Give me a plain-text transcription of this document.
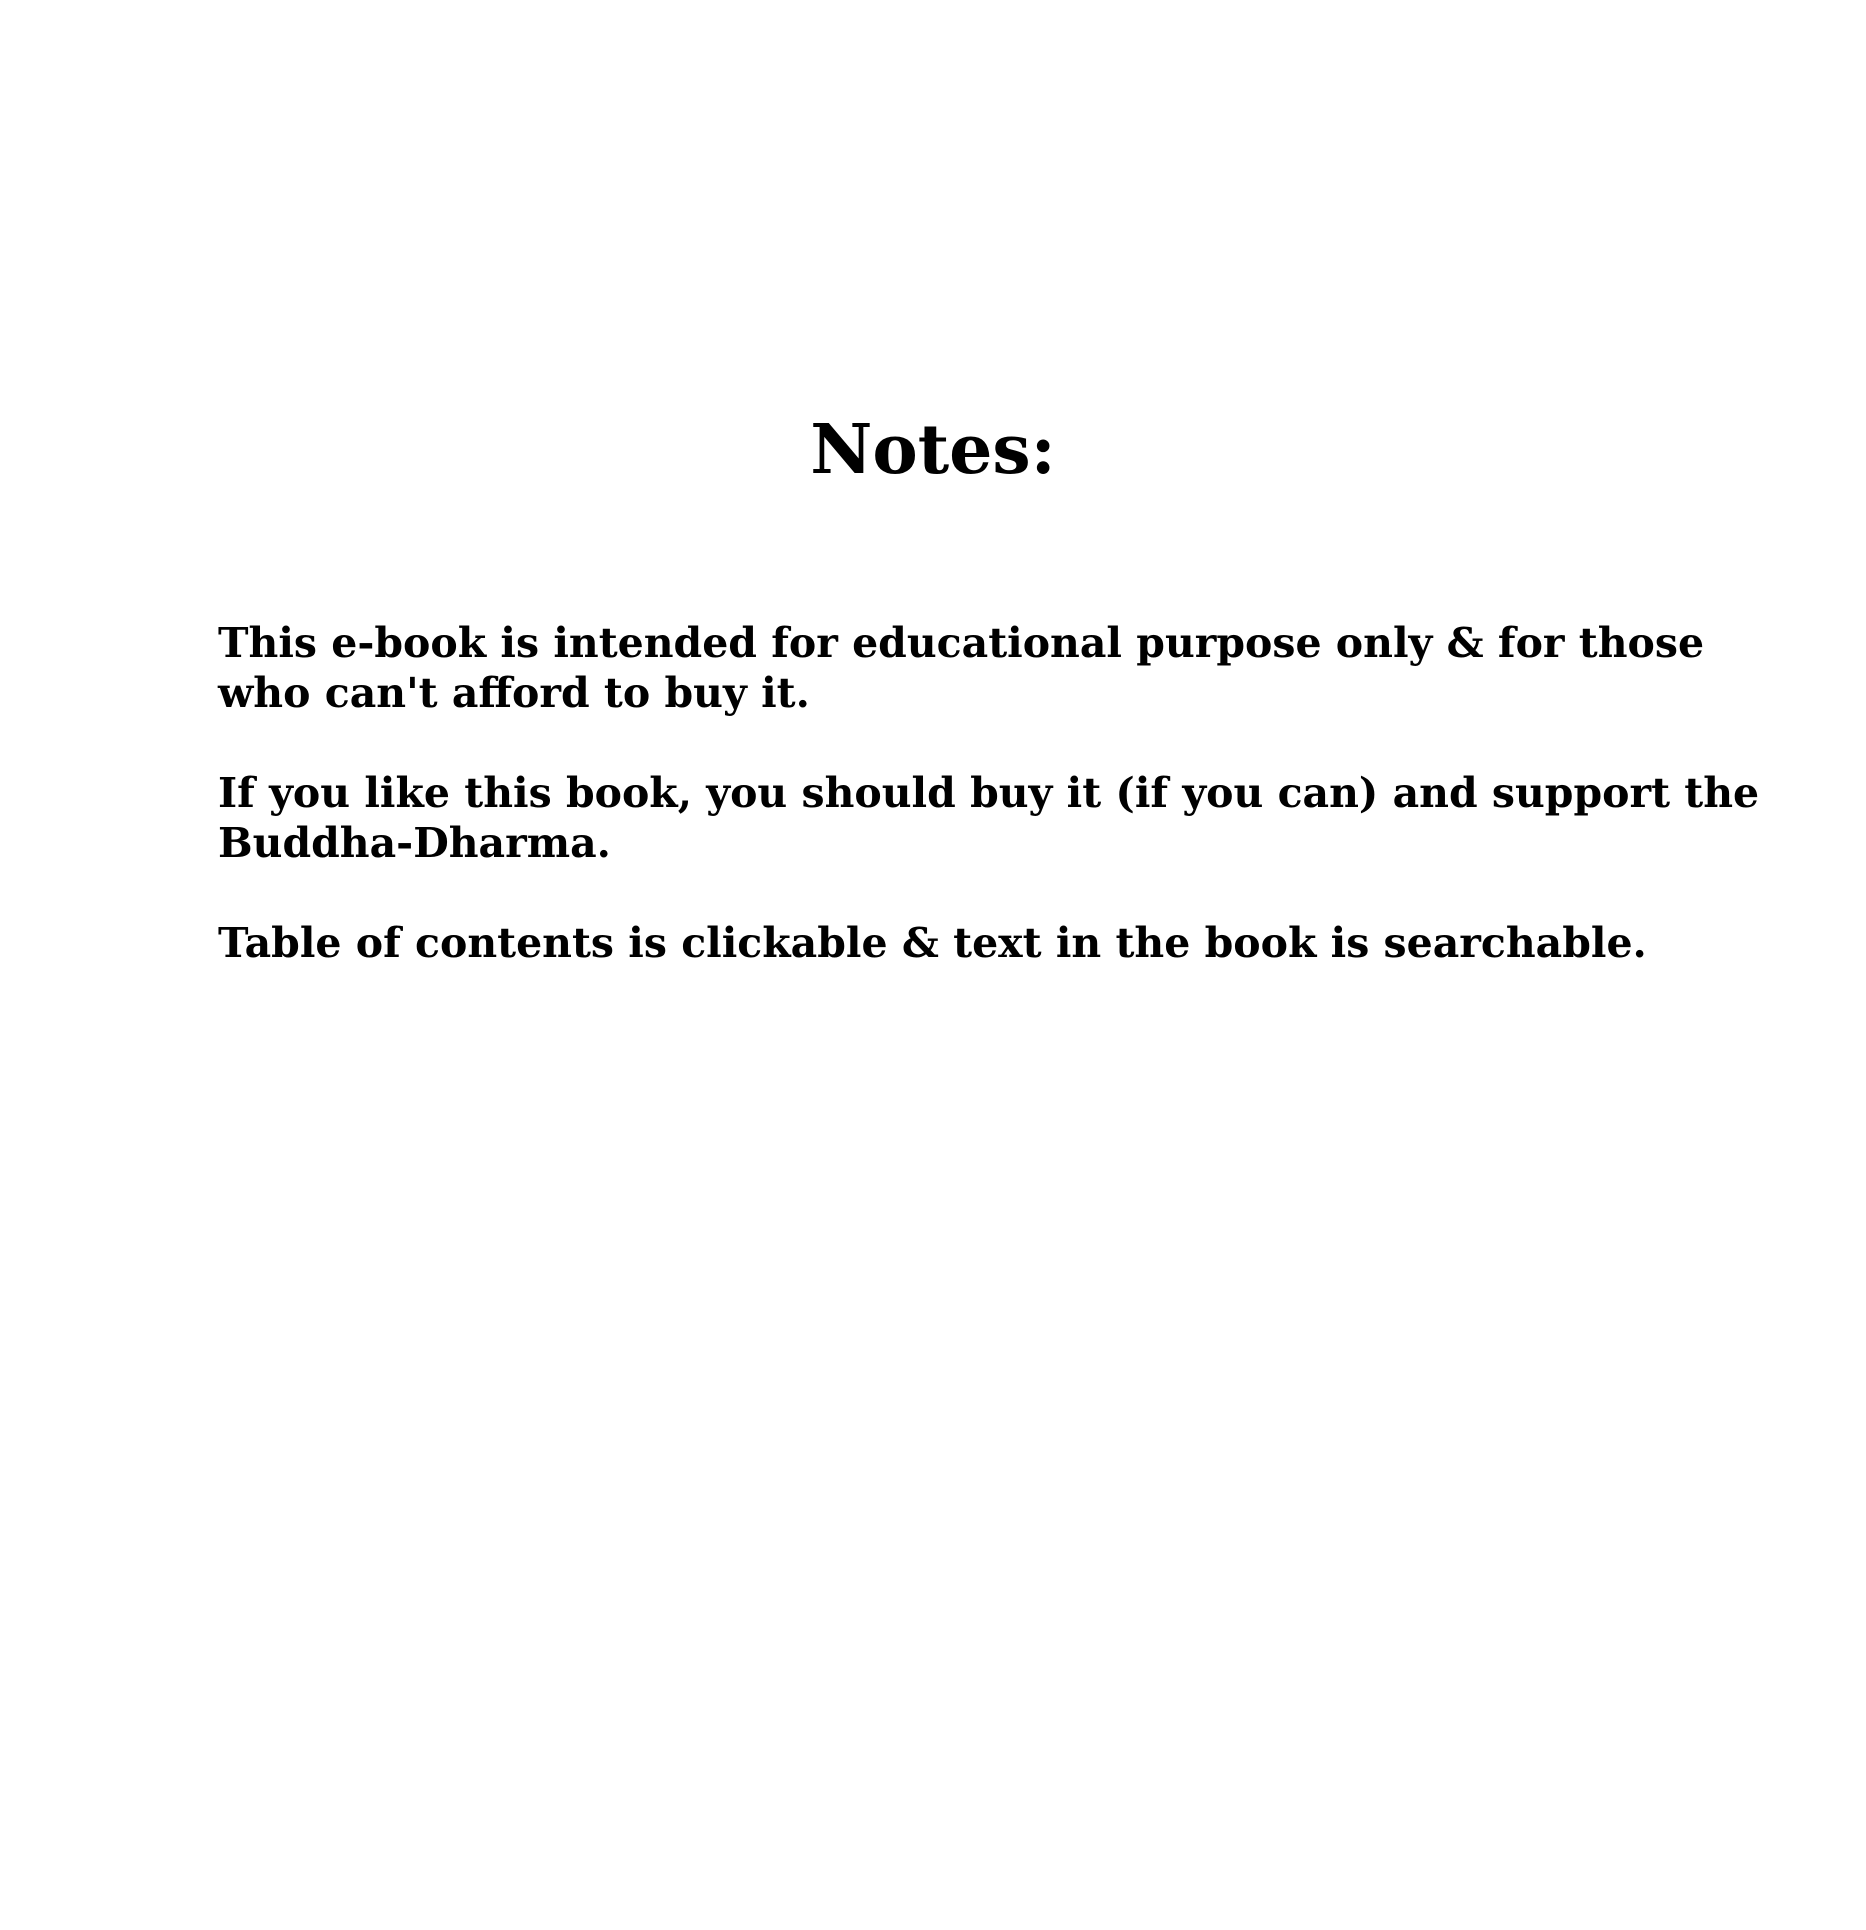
Notes:

This e-book is intended for educational purpose only & for those
who can't afford to buy it.

If you like this book, you should buy it (if you can) and support the
Buddha-Dharma.

Table of contents is clickable & text in the book is searchable.
